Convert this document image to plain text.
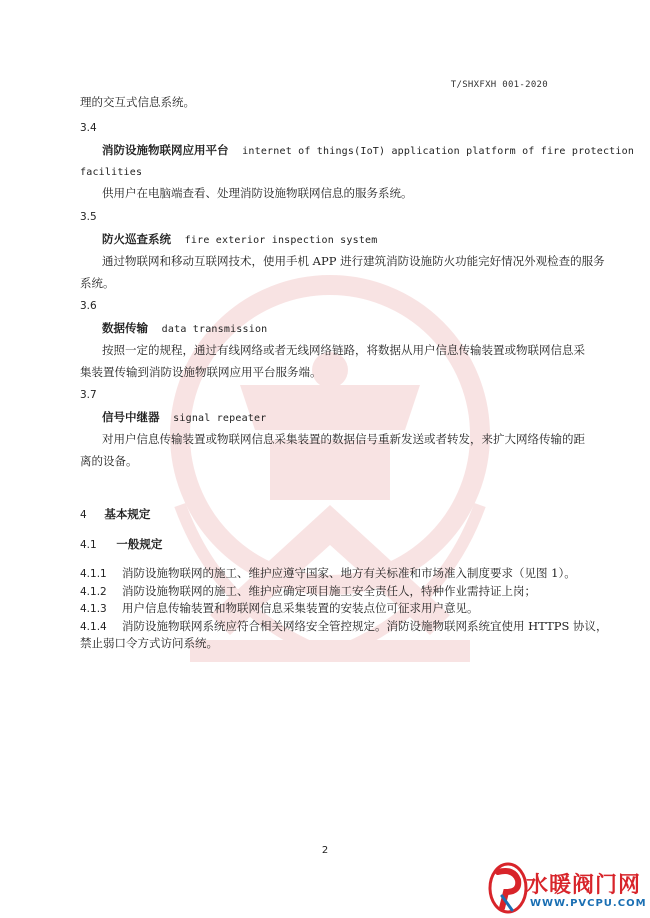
T/SHXFXH 001-2020
理的交互式信息系统。
3.4
消防设施物联网应用平台 internet of things(IoT) application platform of fire protection
facilities
供用户在电脑端查看、处理消防设施物联网信息的服务系统。
3.5
防火巡查系统 fire exterior inspection system
通过物联网和移动互联网技术，使用手机 APP 进行建筑消防设施防火功能完好情况外观检查的服务
系统。
3.6
数据传输 data transmission
按照一定的规程，通过有线网络或者无线网络链路，将数据从用户信息传输装置或物联网信息采
集装置传输到消防设施物联网应用平台服务端。
3.7
信号中继器 signal repeater
对用户信息传输装置或物联网信息采集装置的数据信号重新发送或者转发，来扩大网络传输的距
离的设备。
4 基本规定
4.1 一般规定
4.1.1 消防设施物联网的施工、维护应遵守国家、地方有关标准和市场准入制度要求（见图 1）。
4.1.2 消防设施物联网的施工、维护应确定项目施工安全责任人，特种作业需持证上岗；
4.1.3 用户信息传输装置和物联网信息采集装置的安装点位可征求用户意见。
4.1.4 消防设施物联网系统应符合相关网络安全管控规定。消防设施物联网系统宜使用 HTTPS 协议，
禁止弱口令方式访问系统。
2
水暖阀门网
WWW.PVCPU.COM
